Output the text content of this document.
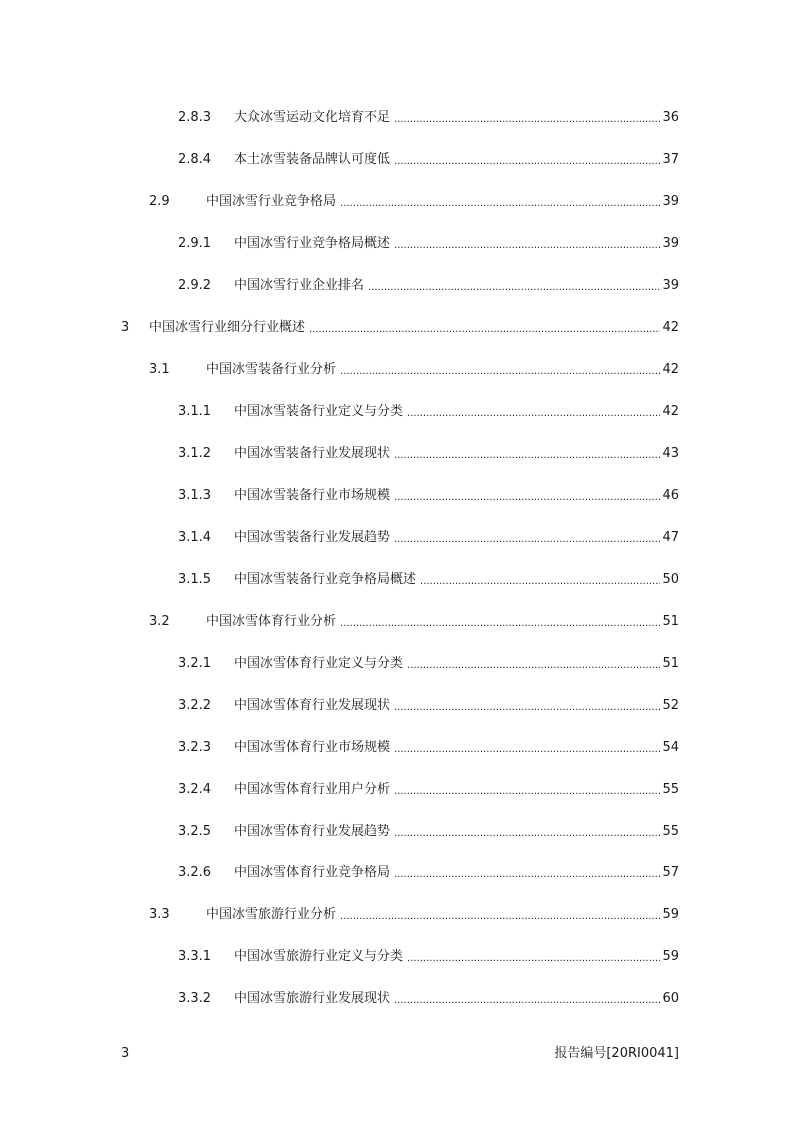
2.8.3	大众冰雪运动文化培育不足 .....	36
2.8.4	本土冰雪装备品牌认可度低 .....	37
2.9	中国冰雪行业竞争格局 .....	39
2.9.1	中国冰雪行业竞争格局概述 .....	39
2.9.2	中国冰雪行业企业排名 .....	39
3	中国冰雪行业细分行业概述 .....	42
3.1	中国冰雪装备行业分析 .....	42
3.1.1	中国冰雪装备行业定义与分类 .....	42
3.1.2	中国冰雪装备行业发展现状 .....	43
3.1.3	中国冰雪装备行业市场规模 .....	46
3.1.4	中国冰雪装备行业发展趋势 .....	47
3.1.5	中国冰雪装备行业竞争格局概述 .....	50
3.2	中国冰雪体育行业分析 .....	51
3.2.1	中国冰雪体育行业定义与分类 .....	51
3.2.2	中国冰雪体育行业发展现状 .....	52
3.2.3	中国冰雪体育行业市场规模 .....	54
3.2.4	中国冰雪体育行业用户分析 .....	55
3.2.5	中国冰雪体育行业发展趋势 .....	55
3.2.6	中国冰雪体育行业竞争格局 .....	57
3.3	中国冰雪旅游行业分析 .....	59
3.3.1	中国冰雪旅游行业定义与分类 .....	59
3.3.2	中国冰雪旅游行业发展现状 .....	60
3	报告编号[20RI0041]
